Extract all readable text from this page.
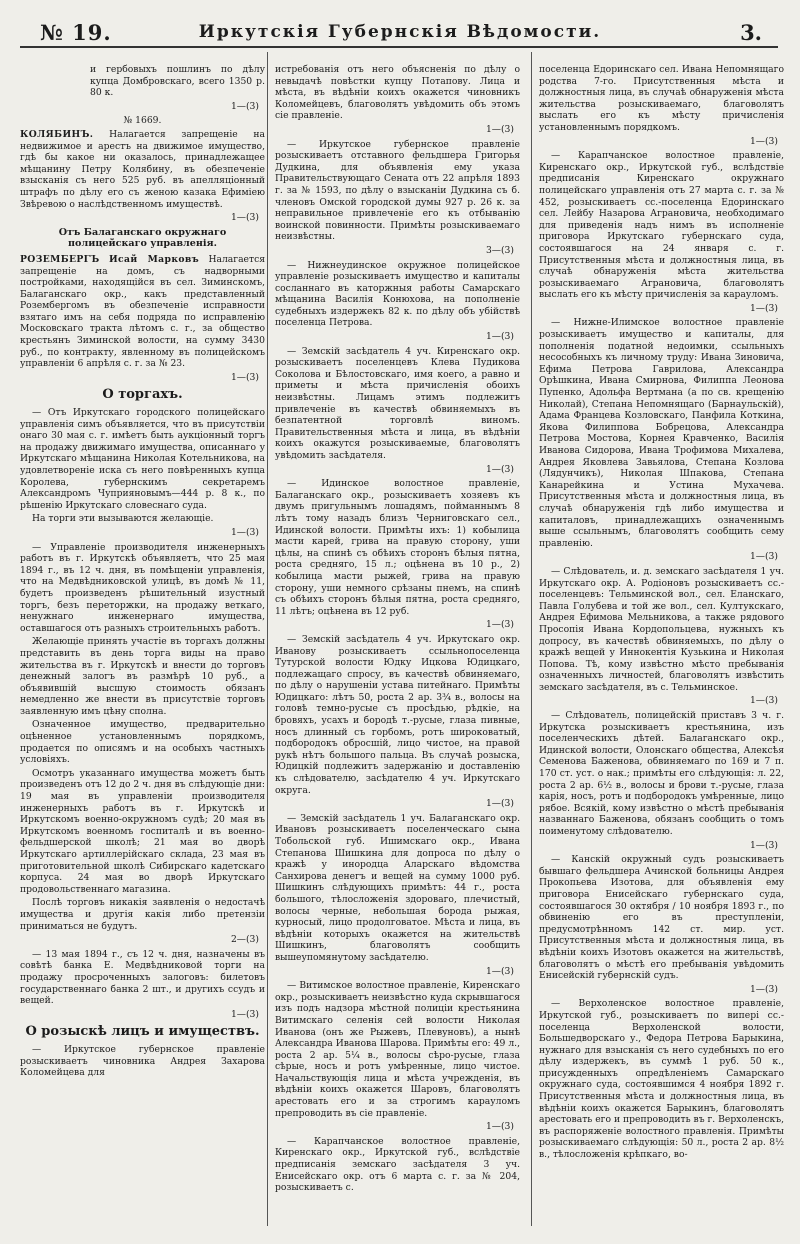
№ 19.	Иркутскія Губернскія Вѣдомости.	3.

и гербовыхъ пошлинъ по дѣлу купца Домбровскаго, всего 1350 р. 80 к.

1—(3)
№ 1669.

КОЛЯБИНЪ. Налагается запрещеніе на недвижимое и арестъ на движимое имущество, гдѣ бы какое ни оказалось, принадлежащее мѣщанину Петру Колябину, въ обезпеченіе взысканія съ него 525 руб. въ апелляціонный штрафъ по дѣлу его съ женою казака Ефиміею Звѣревою о наслѣдственномъ имуществѣ.

1—(3)
Отъ Балаганскаго окружнаго полицейскаго управленія.

РОЗЕМБЕРГЪ Исай Марковъ Налагается запрещеніе на домъ, съ надворными постройками, находящійся въ сел. Зиминскомъ, Балаганскаго окр., какъ представленный Розембергомъ въ обезпеченіе исправности взятаго имъ на себя подряда по исправленію Московскаго тракта лѣтомъ с. г., за общество крестьянъ Зиминской волости, на сумму 3430 руб., по контракту, явленному въ полицейскомъ управленіи 6 апрѣля с. г. за № 23.

1—(3)
О торгахъ.

— Отъ Иркутскаго городского полицейскаго управленія симъ объявляется, что въ присутствіи онаго 30 мая с. г. имѣетъ быть аукціонный торгъ на продажу движимаго имущества, описаннаго у Иркутскаго мѣщанина Николая Котельникова, на удовлетвореніе иска съ него повѣренныхъ купца Королева, губернскимъ секретаремъ Александромъ Чуприяновымъ—444 р. 8 к., по рѣшенію Иркутскаго словеснаго суда.

На торги эти вызываются желающіе.

1—(3)

— Управленіе производителя инженерныхъ работъ въ г. Иркутскѣ объявляетъ, что 25 мая 1894 г., въ 12 ч. дня, въ помѣщеніи управленія, что на Медвѣдниковской улицѣ, въ домѣ № 11, будетъ произведенъ рѣшительный изустный торгъ, безъ переторжки, на продажу веткаго, ненужнаго инженернаго имущества, оставшагося отъ разныхъ строительныхъ работъ.

Желающіе принять участіе въ торгахъ должны представить въ день торга виды на право жительства въ г. Иркутскѣ и внести до торговъ денежный залогъ въ размѣрѣ 10 руб., а объявившій высшую стоимость обязанъ немедленно же внести въ присутствіе торговъ заявленную имъ цѣну сполна.

Означенное имущество, предварительно оцѣненное установленнымъ порядкомъ, продается по описямъ и на особыхъ частныхъ условіяхъ.

Осмотръ указаннаго имущества можетъ быть произведенъ отъ 12 до 2 ч. дня въ слѣдующіе дни: 19 мая въ управленіи производителя инженерныхъ работъ въ г. Иркутскѣ и Иркутскомъ военно-окружномъ судѣ; 20 мая въ Иркутскомъ военномъ госпиталѣ и въ военно-фельдшерской школѣ; 21 мая во дворѣ Иркутскаго артиллерійскаго склада, 23 мая въ приготовительной школѣ Сибирскаго кадетскаго корпуса. 24 мая во дворѣ Иркутскаго продовольственнаго магазина.

Послѣ торговъ никакія заявленія о недостачѣ имущества и другія какія либо претензіи приниматься не будутъ.

2—(3)

— 13 мая 1894 г., съ 12 ч. дня, назначены въ совѣтѣ банка Е. Медвѣдниковой торги на продажу просроченныхъ залоговъ: билетовъ государственнаго банка 2 шт., и другихъ ссудъ и вещей.

1—(3)
О розыскѣ лицъ и имуществъ.

— Иркутское губернское правленіе розыскиваетъ чиновника Андрея Захарова Коломейцева для

истребованія отъ него объясненія по дѣлу о невыдачѣ повѣстки купцу Потапову. Лица и мѣста, въ вѣдѣніи коихъ окажется чиновникъ Коломейцевъ, благоволятъ увѣдомить объ этомъ сіе правленіе.

1—(3)

— Иркутское губернское правленіе розыскиваетъ отставного фельдшера Григорья Дудкина, для объявленія ему указа Правительствующаго Сената отъ 22 апрѣля 1893 г. за № 1593, по дѣлу о взысканіи Дудкина съ б. членовъ Омской городской думы 927 р. 26 к. за неправильное привлеченіе его къ отбыванію воинской повинности. Примѣты розыскиваемаго неизвѣстны.

3—(3)

— Нижнеудинское окружное полицейское управленіе розыскиваетъ имущество и капиталы сосланнаго въ каторжныя работы Самарскаго мѣщанина Василія Конюхова, на пополненіе судебныхъ издержекъ 82 к. по дѣлу объ убійствѣ поселенца Петрова.

1—(3)

— Земскій засѣдатель 4 уч. Киренскаго окр. розыскиваетъ поселенцевъ Клева Пудикова Соколова и Бѣлостовскаго, имя коего, а равно и приметы и мѣста причисленія обоихъ неизвѣстны. Лицамъ этимъ подлежитъ привлеченіе въ качествѣ обвиняемыхъ въ безпатентной торговлѣ виномъ. Правительственныя мѣста и лица, въ вѣдѣніи коихъ окажутся розыскиваемые, благоволятъ увѣдомить засѣдателя.

1—(3)

— Идинское волостное правленіе, Балаганскаго окр., розыскиваетъ хозяевъ къ двумъ пригульнымъ лошадямъ, пойманнымъ 8 лѣтъ тому назадъ близъ Черниговскаго сел., Идинской волости. Примѣты ихъ: 1) кобылица масти карей, грива на правую сторону, уши цѣлы, на спинѣ съ обѣихъ сторонъ бѣлыя пятна, роста средняго, 15 л.; оцѣнена въ 10 р., 2) кобылица масти рыжей, грива на правую сторону, уши немного срѣзаны пнемъ, на спинѣ съ обѣихъ сторонъ бѣлыя пятна, роста средняго, 11 лѣтъ; оцѣнена въ 12 руб.

1—(3)

— Земскій засѣдатель 4 уч. Иркутскаго окр. Иванову розыскиваетъ ссыльнопоселенца Тутурской волости Юдку Ицкова Юдицкаго, подлежащаго спросу, въ качествѣ обвиняемаго, по дѣлу о нарушеніи устава питейнаго. Примѣты Юдицкаго: лѣтъ 50, роста 2 ар. 3¾ в., волосы на головѣ темно-русые съ просѣдью, рѣдкіе, на бровяхъ, усахъ и бородѣ т.-русые, глаза пивные, носъ длинный съ горбомъ, ротъ широковатый, подбородокъ обросшій, лицо чистое, на правой рукѣ нѣтъ большого пальца. Въ случаѣ розыска, Юдицкій подлежитъ задержанію и доставленію къ слѣдователю, засѣдателю 4 уч. Иркутскаго округа.

1—(3)

— Земскій засѣдатель 1 уч. Балаганскаго окр. Ивановъ розыскиваетъ поселенческаго сына Тобольской губ. Ишимскаго окр., Ивана Степанова Шишкина для допроса по дѣлу о кражѣ у инородца Аларскаго вѣдомства Санхирова денегъ и вещей на сумму 1000 руб. Шишкинъ слѣдующихъ примѣтъ: 44 г., роста большого, тѣлосложенія здороваго, плечистый, волосы черные, небольшая борода рыжая, курносый, лицо продолговатое. Мѣста и лица, въ вѣдѣніи которыхъ окажется на жительствѣ Шишкинъ, благоволятъ сообщить вышеупомянутому засѣдателю.

1—(3)

— Витимское волостное правленіе, Киренскаго окр., розыскиваетъ неизвѣстно куда скрывшагося изъ подъ надзора мѣстной полиціи крестьянина Витимскаго селенія сей волости Николая Иванова (онъ же Рыжевъ, Плевуновъ), а нынѣ Александра Иванова Шарова. Примѣты его: 49 л., роста 2 ар. 5¼ в., волосы сѣро-русые, глаза сѣрые, носъ и ротъ умѣренные, лицо чистое. Начальствующія лица и мѣста учрежденія, въ вѣдѣніи коихъ окажется Шаровъ, благоволятъ арестовать его и за строгимъ карауломъ препроводить въ сіе правленіе.

1—(3)

— Карапчанское волостное правленіе, Киренскаго окр., Иркутской губ., вслѣдствіе предписанія земскаго засѣдателя 3 уч. Енисейскаго окр. отъ 6 марта с. г. за № 204, розыскиваетъ с.

поселенца Едоринскаго сел. Ивана Непомнящаго родства 7-го. Присутственныя мѣста и должностныя лица, въ случаѣ обнаруженія мѣста жительства розыскиваемаго, благоволятъ выслать его къ мѣсту причисленія установленнымъ порядкомъ.

1—(3)

— Карапчанское волостное правленіе, Киренскаго окр., Иркутской губ., вслѣдствіе предписанія Киренскаго окружнаго полицейскаго управленія отъ 27 марта с. г. за № 452, розыскиваетъ сс.-поселенца Едоринскаго сел. Лейбу Назарова Аграновича, необходимаго для приведенія надъ нимъ въ исполненіе приговора Иркутскаго губернскаго суда, состоявшагося на 24 января с. г. Присутственныя мѣста и должностныя лица, въ случаѣ обнаруженія мѣста жительства розыскиваемаго Аграновича, благоволятъ выслать его къ мѣсту причисленія за карауломъ.

1—(3)

— Нижне-Илимское волостное правленіе розыскиваетъ имущество и капиталы, для пополненія податной недоимки, ссыльныхъ несособныхъ къ личному труду: Ивана Зиновича, Ефима Петрова Гаврилова, Александра Орѣшкина, Ивана Смирнова, Филиппа Леонова Пупенко, Адольфа Вертмана (а по св. крещенію Николай), Степана Непомнящаго (Барнаульскій), Адама Францева Козловскаго, Панфила Коткина, Якова Филиппова Бобрецова, Александра Петрова Мостова, Корнея Кравченко, Василія Иванова Сидорова, Ивана Трофимова Михалева, Андрея Яковлева Завьялова, Степана Козлова (Лядунчикъ), Николая Шпакова, Степана Канарейкина и Устина Мухачева. Присутственныя мѣста и должностныя лица, въ случаѣ обнаруженія гдѣ либо имущества и капиталовъ, принадлежащихъ означеннымъ выше ссыльнымъ, благоволятъ сообщить сему правленію.

1—(3)

— Слѣдователь, и. д. земскаго засѣдателя 1 уч. Иркутскаго окр. А. Родіоновъ розыскиваетъ сс.-поселенцевъ: Тельминской вол., сел. Еланскаго, Павла Голубева и той же вол., сел. Култукскаго, Андрея Ефимова Мельникова, а также рядового Просопія Ивана Кордопольцева, нужныхъ къ допросу, въ качествѣ обвиняемыхъ, по дѣлу о кражѣ вещей у Иннокентія Кузькина и Николая Попова. Тѣ, кому извѣстно мѣсто пребыванія означенныхъ личностей, благоволятъ извѣстить земскаго засѣдателя, въ с. Тельминское.

1—(3)

— Слѣдователь, полицейскій приставъ 3 ч. г. Иркутска розыскиваетъ крестьянина, изъ поселенческихъ дѣтей. Балаганскаго окр., Идинской волости, Олонскаго общества, Алексѣя Семенова Баженова, обвиняемаго по 169 и 7 п. 170 ст. уст. о нак.; примѣты его слѣдующія: л. 22, роста 2 ар. 6½ в., волосы и брови т.-русые, глаза карія, носъ, ротъ и подбородокъ умѣренные, лицо рябое. Всякій, кому извѣстно о мѣстѣ пребыванія названнаго Баженова, обязанъ сообщить о томъ поименутому слѣдователю.

1—(3)

— Канскій окружный судъ розыскиваетъ бывшаго фельдшера Ачинской больницы Андрея Прокопьева Изотова, для объявленія ему приговора Енисейскаго губернскаго суда, состоявшагося 30 октября / 10 ноября 1893 г., по обвиненію его въ преступленіи, предусмотрѣнномъ 142 ст. мир. уст. Присутственныя мѣста и должностныя лица, въ вѣдѣніи коихъ Изотовъ окажется на жительствѣ, благоволятъ о мѣстѣ его пребыванія увѣдомить Енисейскій губернскій судъ.

1—(3)

— Верхоленское волостное правленіе, Иркутской губ., розыскиваетъ по випері сс.-поселенца Верхоленской волости, Большедворскаго у., Федора Петрова Барыкина, нужнаго для взысканія съ него судебныхъ по его дѣлу издержекъ, въ суммѣ 1 руб. 50 к., присужденныхъ опредѣленіемъ Самарскаго окружнаго суда, состоявшимся 4 ноября 1892 г. Присутственныя мѣста и должностныя лица, въ вѣдѣніи коихъ окажется Барыкинъ, благоволятъ арестовать его и препроводить въ г. Верхоленскъ, въ распоряженіе волостного правленія. Примѣты розыскиваемаго слѣдующія: 50 л., роста 2 ар. 8½ в., тѣлосложенія крѣпкаго, во-
